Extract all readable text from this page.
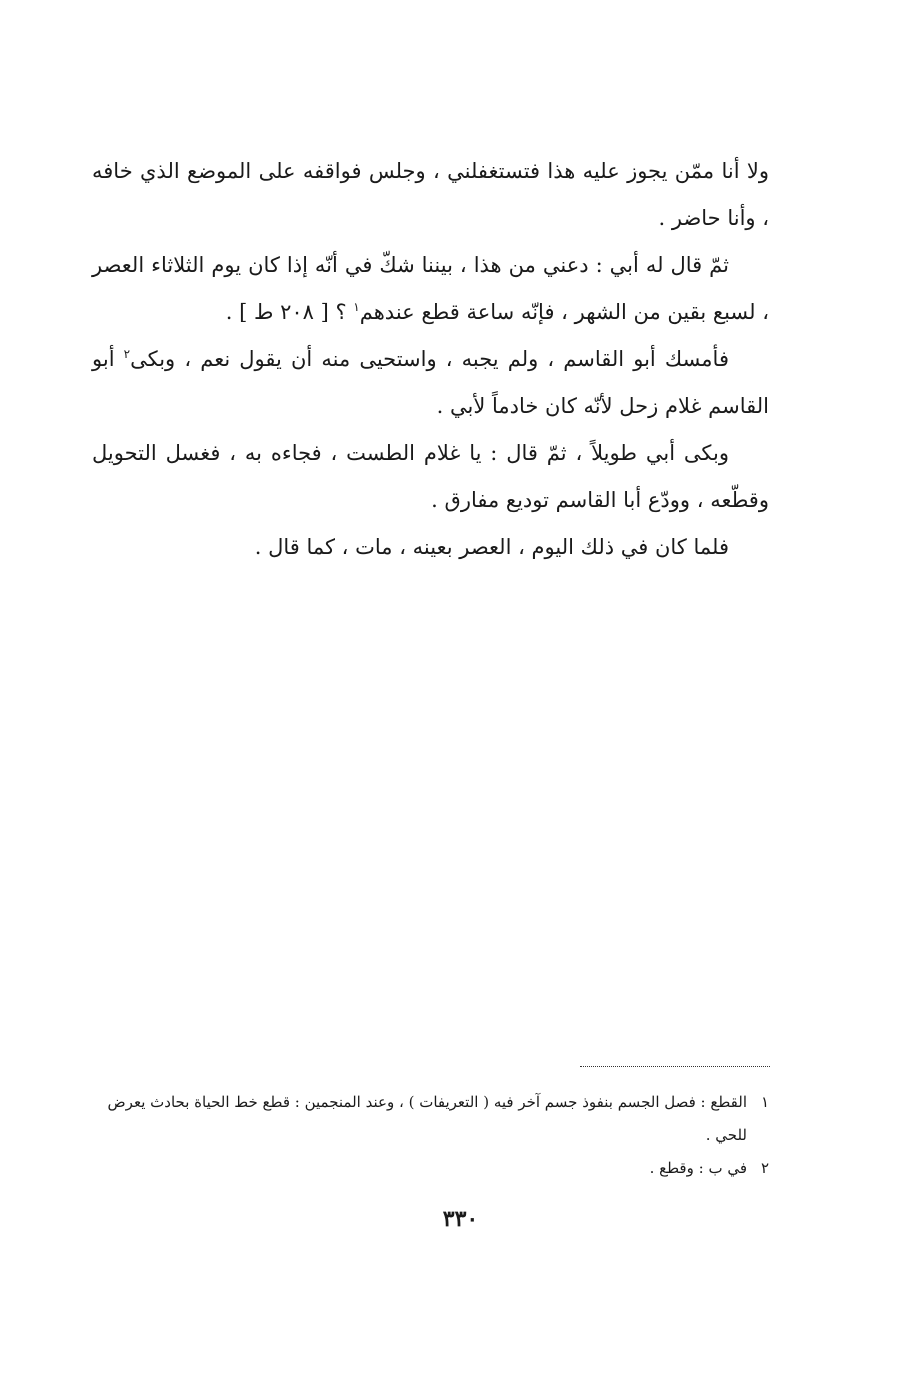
ولا أنا ممّن يجوز عليه هذا فتستغفلني ، وجلس فواقفه على الموضع الذي خافه ، وأنا حاضر .

ثمّ قال له أبي : دعني من هذا ، بيننا شكّ في أنّه إذا كان يوم الثلاثاء العصر ، لسبع بقين من الشهر ، فإنّه ساعة قطع عندهم$^١$ ؟ [ ٢٠٨ ط ] .

فأمسك أبو القاسم ، ولم يجبه ، واستحيى منه أن يقول نعم ، وبكى$^٢$ أبو القاسم غلام زحل لأنّه كان خادماً لأبي .

وبكى أبي طويلاً ، ثمّ قال : يا غلام الطست ، فجاءه به ، فغسل التحويل وقطّعه ، وودّع أبا القاسم توديع مفارق .

فلما كان في ذلك اليوم ، العصر بعينه ، مات ، كما قال .

١
القطع : فصل الجسم بنفوذ جسم آخر فيه ( التعريفات ) ، وعند المنجمين : قطع خط الحياة بحادث يعرض للحي .
٢
في ب : وقطع .
٣٣٠
